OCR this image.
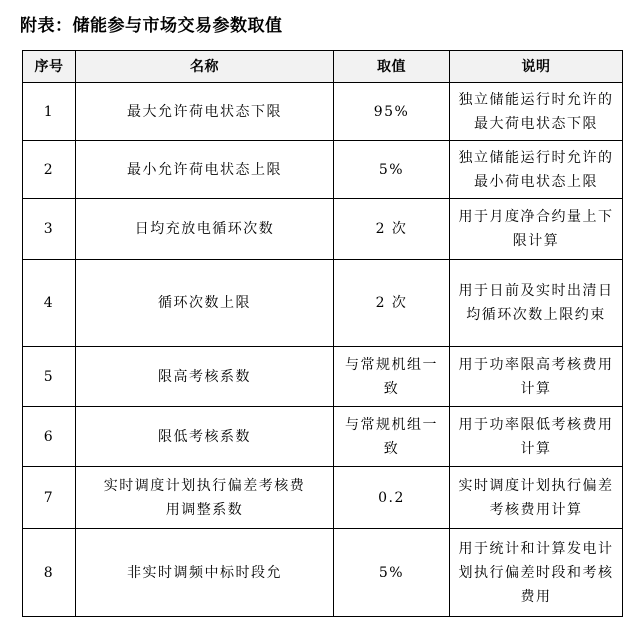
附表：储能参与市场交易参数取值
序号	名称	取值	说明
1	最大允许荷电状态下限	95%	独立储能运行时允许的最大荷电状态下限
2	最小允许荷电状态上限	5%	独立储能运行时允许的最小荷电状态上限
3	日均充放电循环次数	2 次	用于月度净合约量上下限计算
4	循环次数上限	2 次	用于日前及实时出清日均循环次数上限约束
5	限高考核系数	与常规机组一致	用于功率限高考核费用计算
6	限低考核系数	与常规机组一致	用于功率限低考核费用计算
7	实时调度计划执行偏差考核费用调整系数	0.2	实时调度计划执行偏差考核费用计算
8	非实时调频中标时段允	5%	用于统计和计算发电计划执行偏差时段和考核费用
